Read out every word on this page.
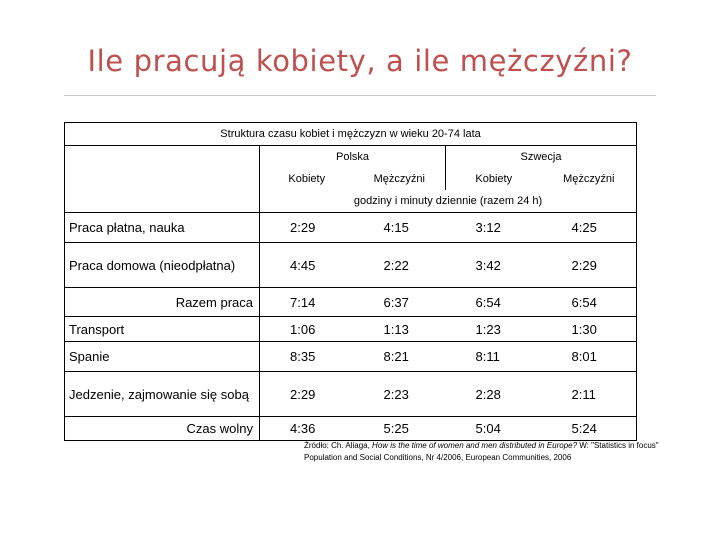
Ile pracują kobiety, a ile mężczyźni?
Struktura czasu kobiet i mężczyzn w wieku 20-74 lata				
	Polska		Szwecja	
	Kobiety	Mężczyźni	Kobiety	Mężczyźni
	godziny i minuty dziennie (razem 24 h)			
Praca płatna, nauka	2:29	4:15	3:12	4:25
Praca domowa (nieodpłatna)	4:45	2:22	3:42	2:29
Razem praca	7:14	6:37	6:54	6:54
Transport	1:06	1:13	1:23	1:30
Spanie	8:35	8:21	8:11	8:01
Jedzenie, zajmowanie się sobą	2:29	2:23	2:28	2:11
Czas wolny	4:36	5:25	5:04	5:24
Źródło: Ch. Aliaga, How is the time of women and men distributed in Europe? W: "Statistics in focus" Population and Social Conditions, Nr 4/2006, European Communities, 2006
